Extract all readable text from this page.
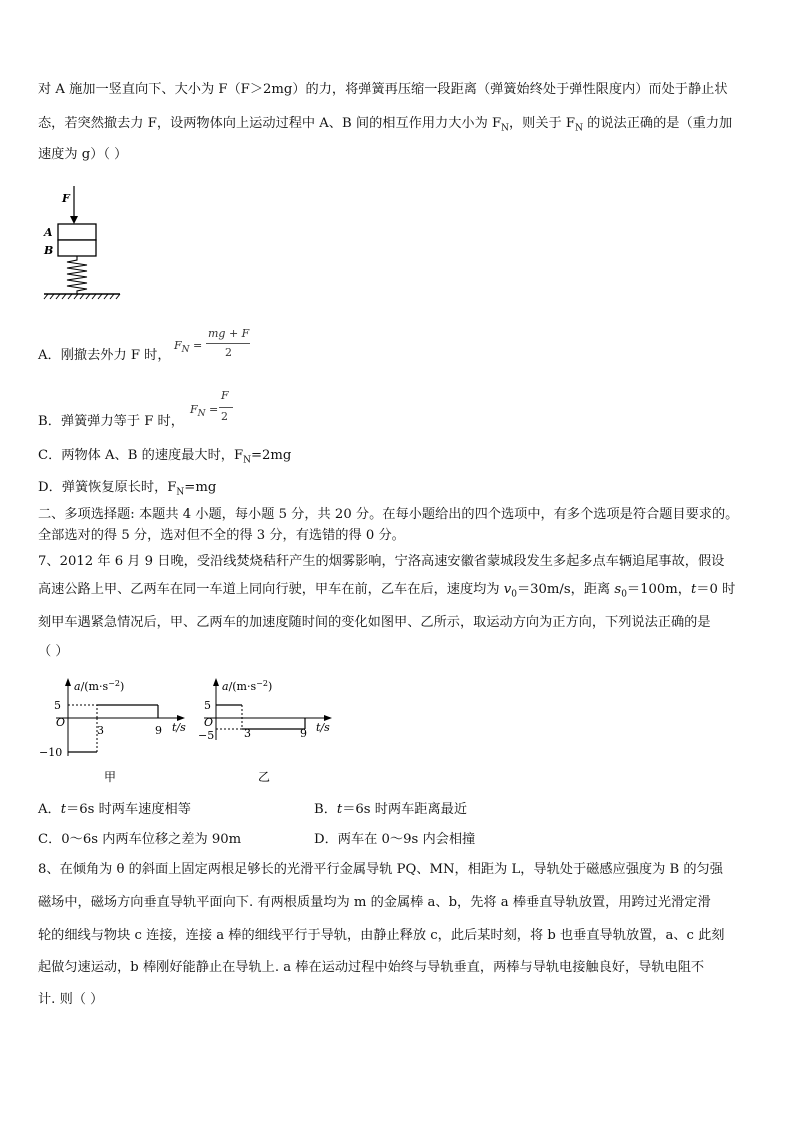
对 A 施加一竖直向下、大小为 F（F＞2mg）的力，将弹簧再压缩一段距离（弹簧始终处于弹性限度内）而处于静止状
态，若突然撤去力 F，设两物体向上运动过程中 A、B 间的相互作用力大小为 $F_N$，则关于 $F_N$ 的说法正确的是（重力加
速度为 g）（ ）
F
A
B
A．刚撤去外力 F 时，
$F_N$ =
mg + F
2
B．弹簧弹力等于 F 时，
$F_N$ =
F
2
C．两物体 A、B 的速度最大时，$F_N=2mg$
D．弹簧恢复原长时，$F_N=mg$
二、多项选择题: 本题共 4 小题，每小题 5 分，共 20 分。在每小题给出的四个选项中，有多个选项是符合题目要求的。
全部选对的得 5 分，选对但不全的得 3 分，有选错的得 0 分。
7、2012 年 6 月 9 日晚，受沿线焚烧秸秆产生的烟雾影响，宁洛高速安徽省蒙城段发生多起多点车辆追尾事故，假设
高速公路上甲、乙两车在同一车道上同向行驶，甲车在前，乙车在后，速度均为 $v_0=30m/s$，距离 $s_0=100m$，t＝0 时
刻甲车遇紧急情况后，甲、乙两车的加速度随时间的变化如图甲、乙所示，取运动方向为正方向，下列说法正确的是
（ ）
$a/(m\cdot s^{-2})$
t/s
O
5
−10
3	9
甲
$a/(m\cdot s^{-2})$
t/s
O
5
−5	3	9
乙
A．t＝6s 时两车速度相等	B．t＝6s 时两车距离最近
C．0～6s 内两车位移之差为 90m	D．两车在 0～9s 内会相撞
8、在倾角为 θ 的斜面上固定两根足够长的光滑平行金属导轨 PQ、MN，相距为 L，导轨处于磁感应强度为 B 的匀强
磁场中，磁场方向垂直导轨平面向下. 有两根质量均为 m 的金属棒 a、b，先将 a 棒垂直导轨放置，用跨过光滑定滑
轮的细线与物块 c 连接，连接 a 棒的细线平行于导轨，由静止释放 c，此后某时刻，将 b 也垂直导轨放置，a、c 此刻
起做匀速运动，b 棒刚好能静止在导轨上. a 棒在运动过程中始终与导轨垂直，两棒与导轨电接触良好，导轨电阻不
计. 则（ ）
